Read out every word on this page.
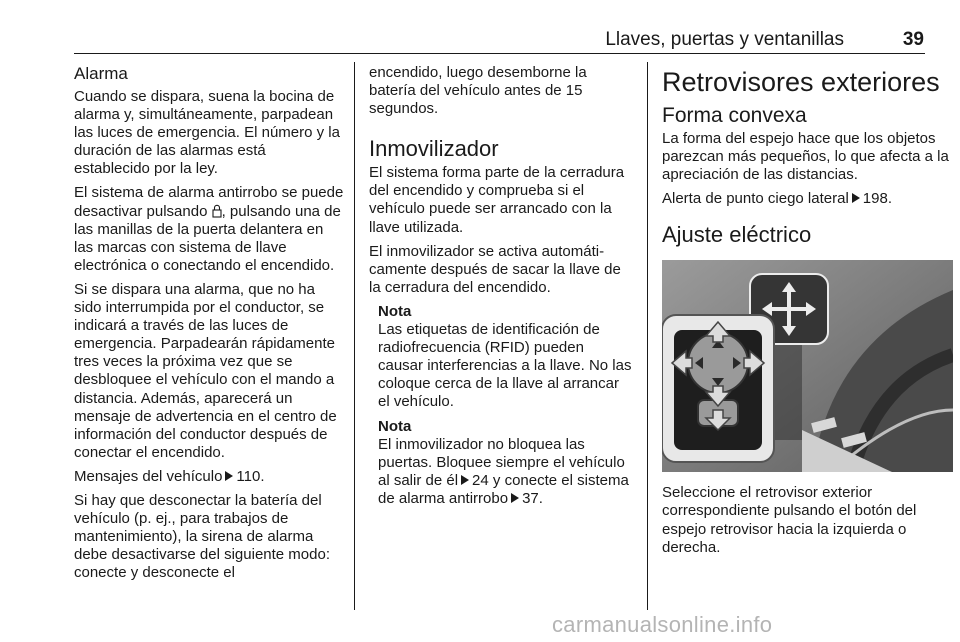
Llaves, puertas y ventanillas	39
Alarma

Cuando se dispara, suena la bocina de alarma y, simultáneamente, parpadean las luces de emergencia. El número y la duración de las alarmas está establecido por la ley.

El sistema de alarma antirrobo se puede desactivar pulsando , pulsando una de las manillas de la puerta delantera en las marcas con sistema de llave electrónica o conectando el encendido.

Si se dispara una alarma, que no ha sido interrumpida por el conductor, se indicará a través de las luces de emergencia. Parpadearán rápidamente tres veces la próxima vez que se desbloquee el vehículo con el mando a distancia. Además, aparecerá un mensaje de advertencia en el centro de información del conductor después de conectar el encendido.

Mensajes del vehículo 110.

Si hay que desconectar la batería del vehículo (p. ej., para trabajos de mantenimiento), la sirena de alarma debe desactivarse del siguiente modo: conecte y desconecte el

encendido, luego desemborne la batería del vehículo antes de 15 segundos.

Inmovilizador

El sistema forma parte de la cerradura del encendido y comprueba si el vehículo puede ser arrancado con la llave utilizada.

El inmovilizador se activa automáticamente después de sacar la llave de la cerradura del encendido.

Nota
Las etiquetas de identificación de radiofrecuencia (RFID) pueden causar interferencias a la llave. No las coloque cerca de la llave al arrancar el vehículo.

Nota
El inmovilizador no bloquea las puertas. Bloquee siempre el vehículo al salir de él 24 y conecte el sistema de alarma antirrobo 37.

Retrovisores exteriores
Forma convexa

La forma del espejo hace que los objetos parezcan más pequeños, lo que afecta a la apreciación de las distancias.

Alerta de punto ciego lateral 198.

Ajuste eléctrico

Seleccione el retrovisor exterior correspondiente pulsando el botón del espejo retrovisor hacia la izquierda o derecha.

carmanualsonline.info
